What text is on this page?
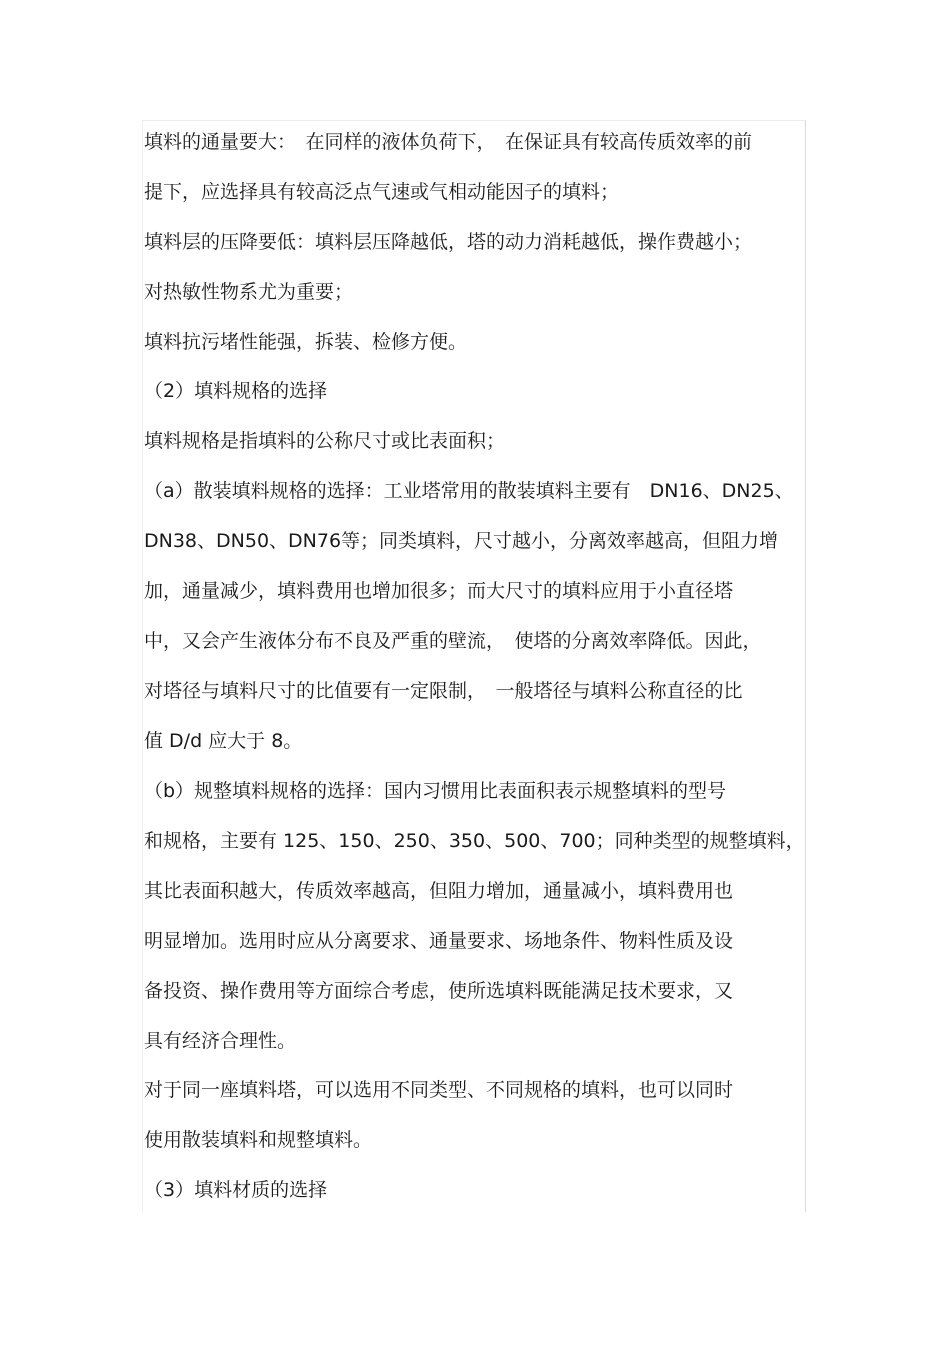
填料的通量要大：　在同样的液体负荷下，　在保证具有较高传质效率的前
提下，应选择具有较高泛点气速或气相动能因子的填料；
填料层的压降要低：填料层压降越低，塔的动力消耗越低，操作费越小；
对热敏性物系尤为重要；
填料抗污堵性能强，拆装、检修方便。
（2）填料规格的选择
填料规格是指填料的公称尺寸或比表面积；
（a）散装填料规格的选择：工业塔常用的散装填料主要有　DN16、DN25、
DN38、DN50、DN76等；同类填料，尺寸越小，分离效率越高，但阻力增
加，通量减少，填料费用也增加很多；而大尺寸的填料应用于小直径塔
中，又会产生液体分布不良及严重的壁流，　使塔的分离效率降低。因此，
对塔径与填料尺寸的比值要有一定限制，　一般塔径与填料公称直径的比
值 D/d 应大于 8。
（b）规整填料规格的选择：国内习惯用比表面积表示规整填料的型号
和规格，主要有 125、150、250、350、500、700；同种类型的规整填料，
其比表面积越大，传质效率越高，但阻力增加，通量减小，填料费用也
明显增加。选用时应从分离要求、通量要求、场地条件、物料性质及设
备投资、操作费用等方面综合考虑，使所选填料既能满足技术要求，又
具有经济合理性。
对于同一座填料塔，可以选用不同类型、不同规格的填料，也可以同时
使用散装填料和规整填料。
（3）填料材质的选择
